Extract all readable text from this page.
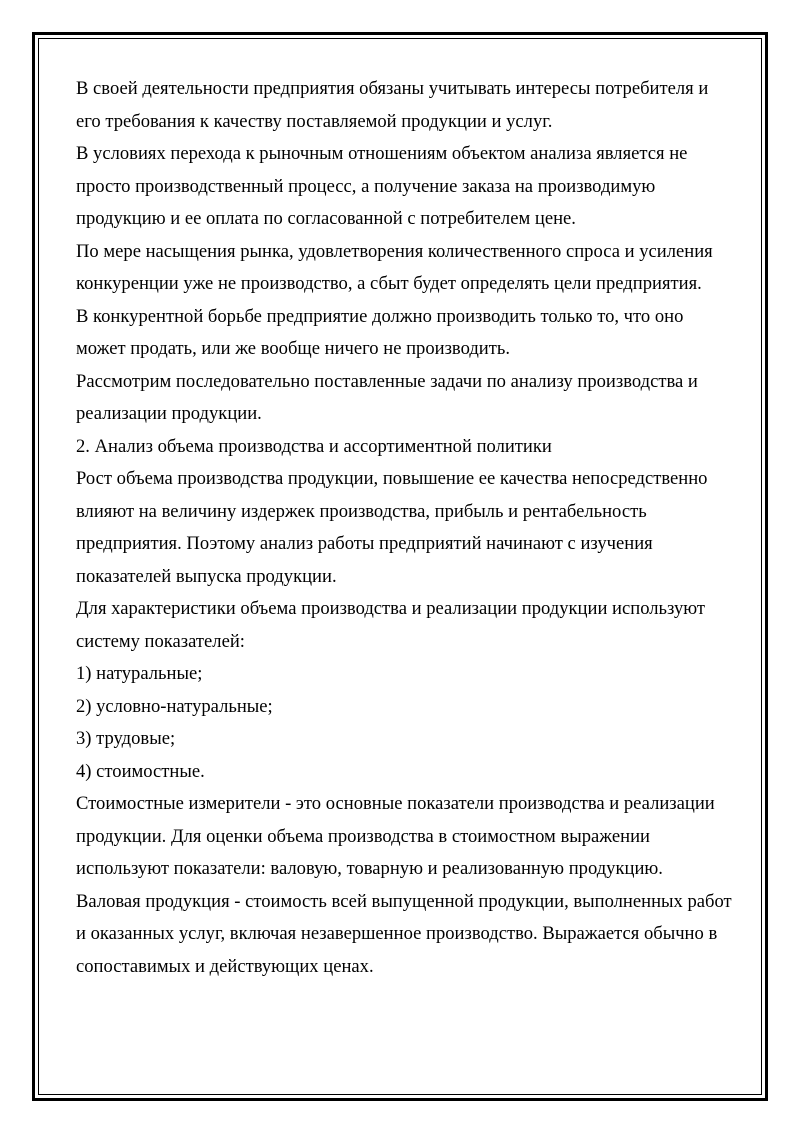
В своей деятельности предприятия обязаны учитывать интересы потребителя и его требования к качеству поставляемой продукции и услуг.

В условиях перехода к рыночным отношениям объектом анализа является не просто производственный процесс, а получение заказа на производимую продукцию и ее оплата по согласованной с потребителем цене.

По мере насыщения рынка, удовлетворения количественного спроса и усиления конкуренции уже не производство, а сбыт будет определять цели предприятия.

В конкурентной борьбе предприятие должно производить только то, что оно может продать, или же вообще ничего не производить.

Рассмотрим последовательно поставленные задачи по анализу производства и реализации продукции.

2. Анализ объема производства и ассортиментной политики

Рост объема производства продукции, повышение ее качества непосредственно влияют на величину издержек производства, прибыль и рентабельность предприятия. Поэтому анализ работы предприятий начинают с изучения показателей выпуска продукции.

Для характеристики объема производства и реализации продукции используют систему показателей:

1) натуральные;

2) условно-натуральные;

3) трудовые;

4) стоимостные.

Стоимостные измерители - это основные показатели производства и реализации продукции. Для оценки объема производства в стоимостном выражении используют показатели: валовую, товарную и реализованную продукцию.

Валовая продукция - стоимость всей выпущенной продукции, выполненных работ и оказанных услуг, включая незавершенное производство. Выражается обычно в сопоставимых и действующих ценах.
